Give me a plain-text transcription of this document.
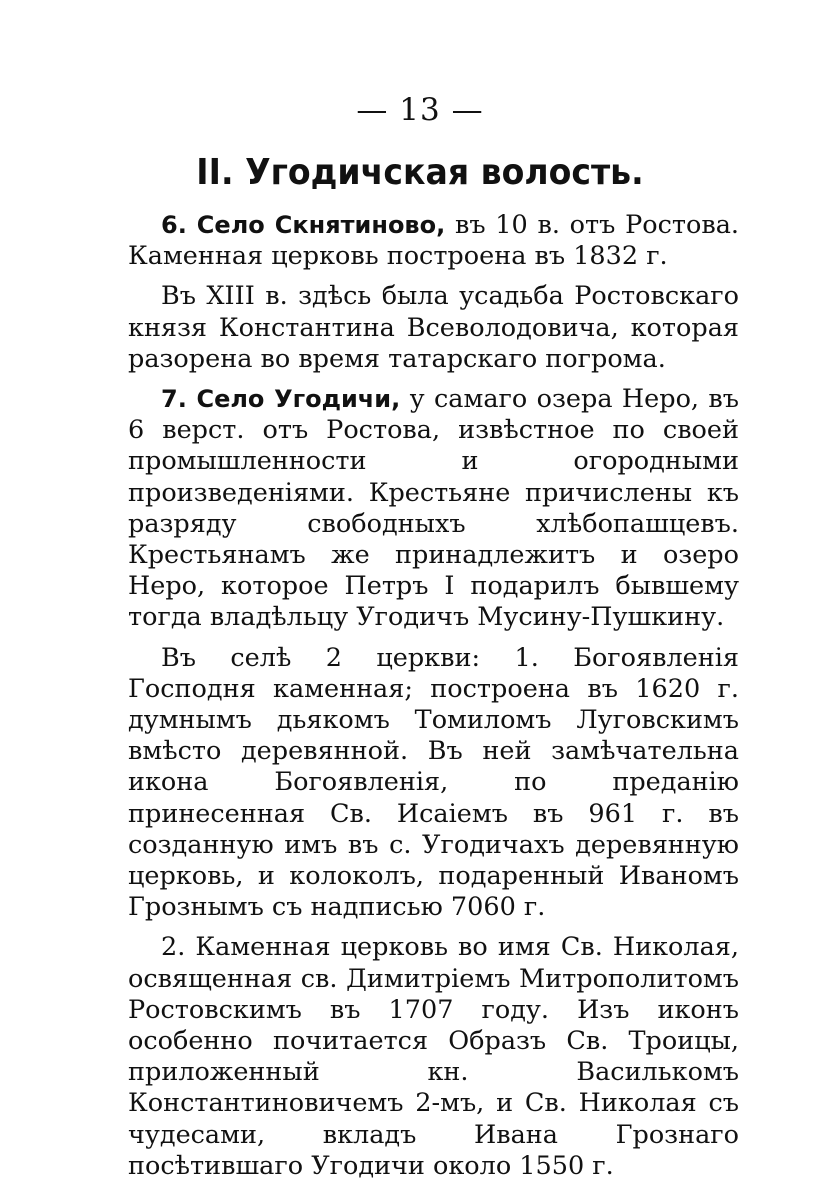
— 13 —
II. Угодичская волость.

6. Село Скнятиново, въ 10 в. отъ Ростова. Каменная церковь построена въ 1832 г.

Въ XIII в. здѣсь была усадьба Ростовскаго князя Константина Всеволодовича, которая разорена во время татарскаго погрома.

7. Село Угодичи, у самаго озера Неро, въ 6 верст. отъ Ростова, извѣстное по своей промышленности и огородными произведеніями. Крестьяне причислены къ разряду свободныхъ хлѣбопашцевъ. Крестьянамъ же принадлежитъ и озеро Неро, которое Петръ I подарилъ бывшему тогда владѣльцу Угодичъ Мусину-Пушкину.

Въ селѣ 2 церкви: 1. Богоявленія Господня каменная; построена въ 1620 г. думнымъ дьякомъ Томиломъ Луговскимъ вмѣсто деревянной. Въ ней замѣчательна икона Богоявленія, по преданію принесенная Св. Исаіемъ въ 961 г. въ созданную имъ въ с. Угодичахъ деревянную церковь, и колоколъ, подаренный Иваномъ Грознымъ съ надписью 7060 г.

2. Каменная церковь во имя Св. Николая, освященная св. Димитріемъ Митрополитомъ Ростовскимъ въ 1707 году. Изъ иконъ особенно почитается Образъ Св. Троицы, приложенный кн. Василькомъ Константиновичемъ 2-мъ, и Св. Николая съ чудесами, вкладъ Ивана Грознаго посѣтившаго Угодичи около 1550 г.
